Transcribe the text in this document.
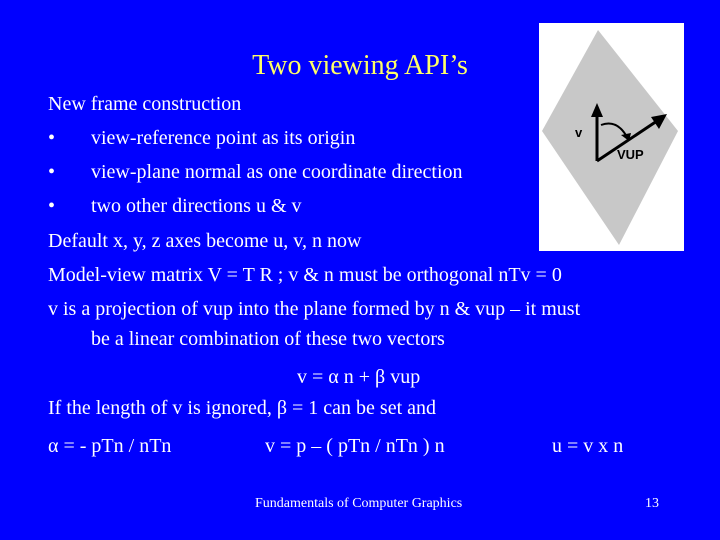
Two viewing API’s
v
VUP
New frame construction
• view-reference point as its origin
• view-plane normal as one coordinate direction
• two other directions u & v
Default x, y, z axes become u, v, n now
Model-view matrix V = T R ; v & n must be orthogonal nTv = 0
v is a projection of vup into the plane formed by n & vup – it must
be a linear combination of these two vectors
v = α n + β vup
If the length of v is ignored, β = 1 can be set and
α = - pTn / nTn	v = p – ( pTn / nTn ) n	u = v x n
Fundamentals of Computer Graphics	13
